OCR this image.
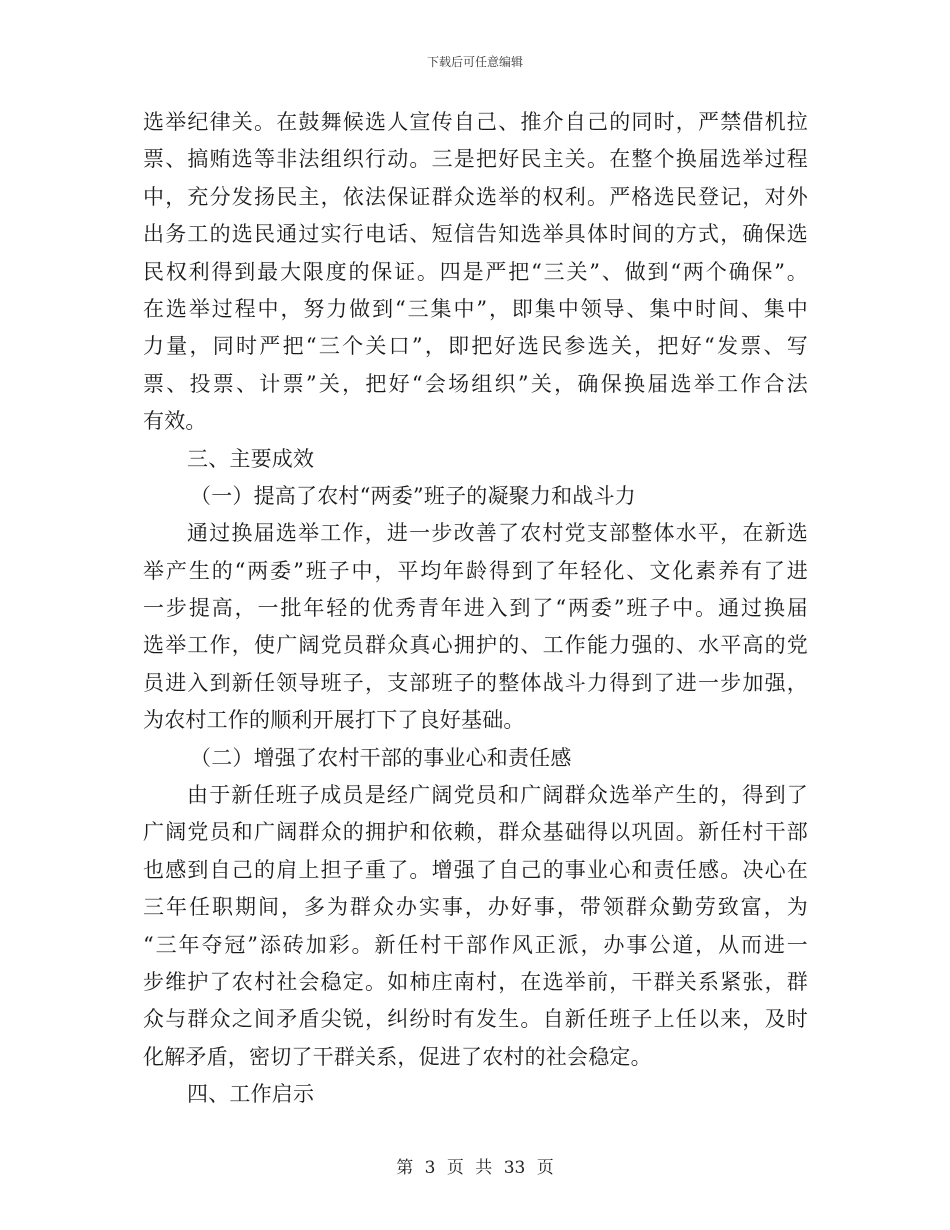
下载后可任意编辑
选举纪律关。在鼓舞候选人宣传自己、推介自己的同时，严禁借机拉
票、搞贿选等非法组织行动。三是把好民主关。在整个换届选举过程
中，充分发扬民主，依法保证群众选举的权利。严格选民登记，对外
出务工的选民通过实行电话、短信告知选举具体时间的方式，确保选
民权利得到最大限度的保证。四是严把“三关”、做到“两个确保”。
在选举过程中，努力做到“三集中”，即集中领导、集中时间、集中
力量，同时严把“三个关口”，即把好选民参选关，把好“发票、写
票、投票、计票”关，把好“会场组织”关，确保换届选举工作合法
有效。
三、主要成效
（一）提高了农村“两委”班子的凝聚力和战斗力
通过换届选举工作，进一步改善了农村党支部整体水平，在新选
举产生的“两委”班子中，平均年龄得到了年轻化、文化素养有了进
一步提高，一批年轻的优秀青年进入到了“两委”班子中。通过换届
选举工作，使广阔党员群众真心拥护的、工作能力强的、水平高的党
员进入到新任领导班子，支部班子的整体战斗力得到了进一步加强，
为农村工作的顺利开展打下了良好基础。
（二）增强了农村干部的事业心和责任感
由于新任班子成员是经广阔党员和广阔群众选举产生的，得到了
广阔党员和广阔群众的拥护和依赖，群众基础得以巩固。新任村干部
也感到自己的肩上担子重了。增强了自己的事业心和责任感。决心在
三年任职期间，多为群众办实事，办好事，带领群众勤劳致富，为
“三年夺冠”添砖加彩。新任村干部作风正派，办事公道，从而进一
步维护了农村社会稳定。如柿庄南村，在选举前，干群关系紧张，群
众与群众之间矛盾尖锐，纠纷时有发生。自新任班子上任以来，及时
化解矛盾，密切了干群关系，促进了农村的社会稳定。
四、工作启示
第 3 页 共 33 页
